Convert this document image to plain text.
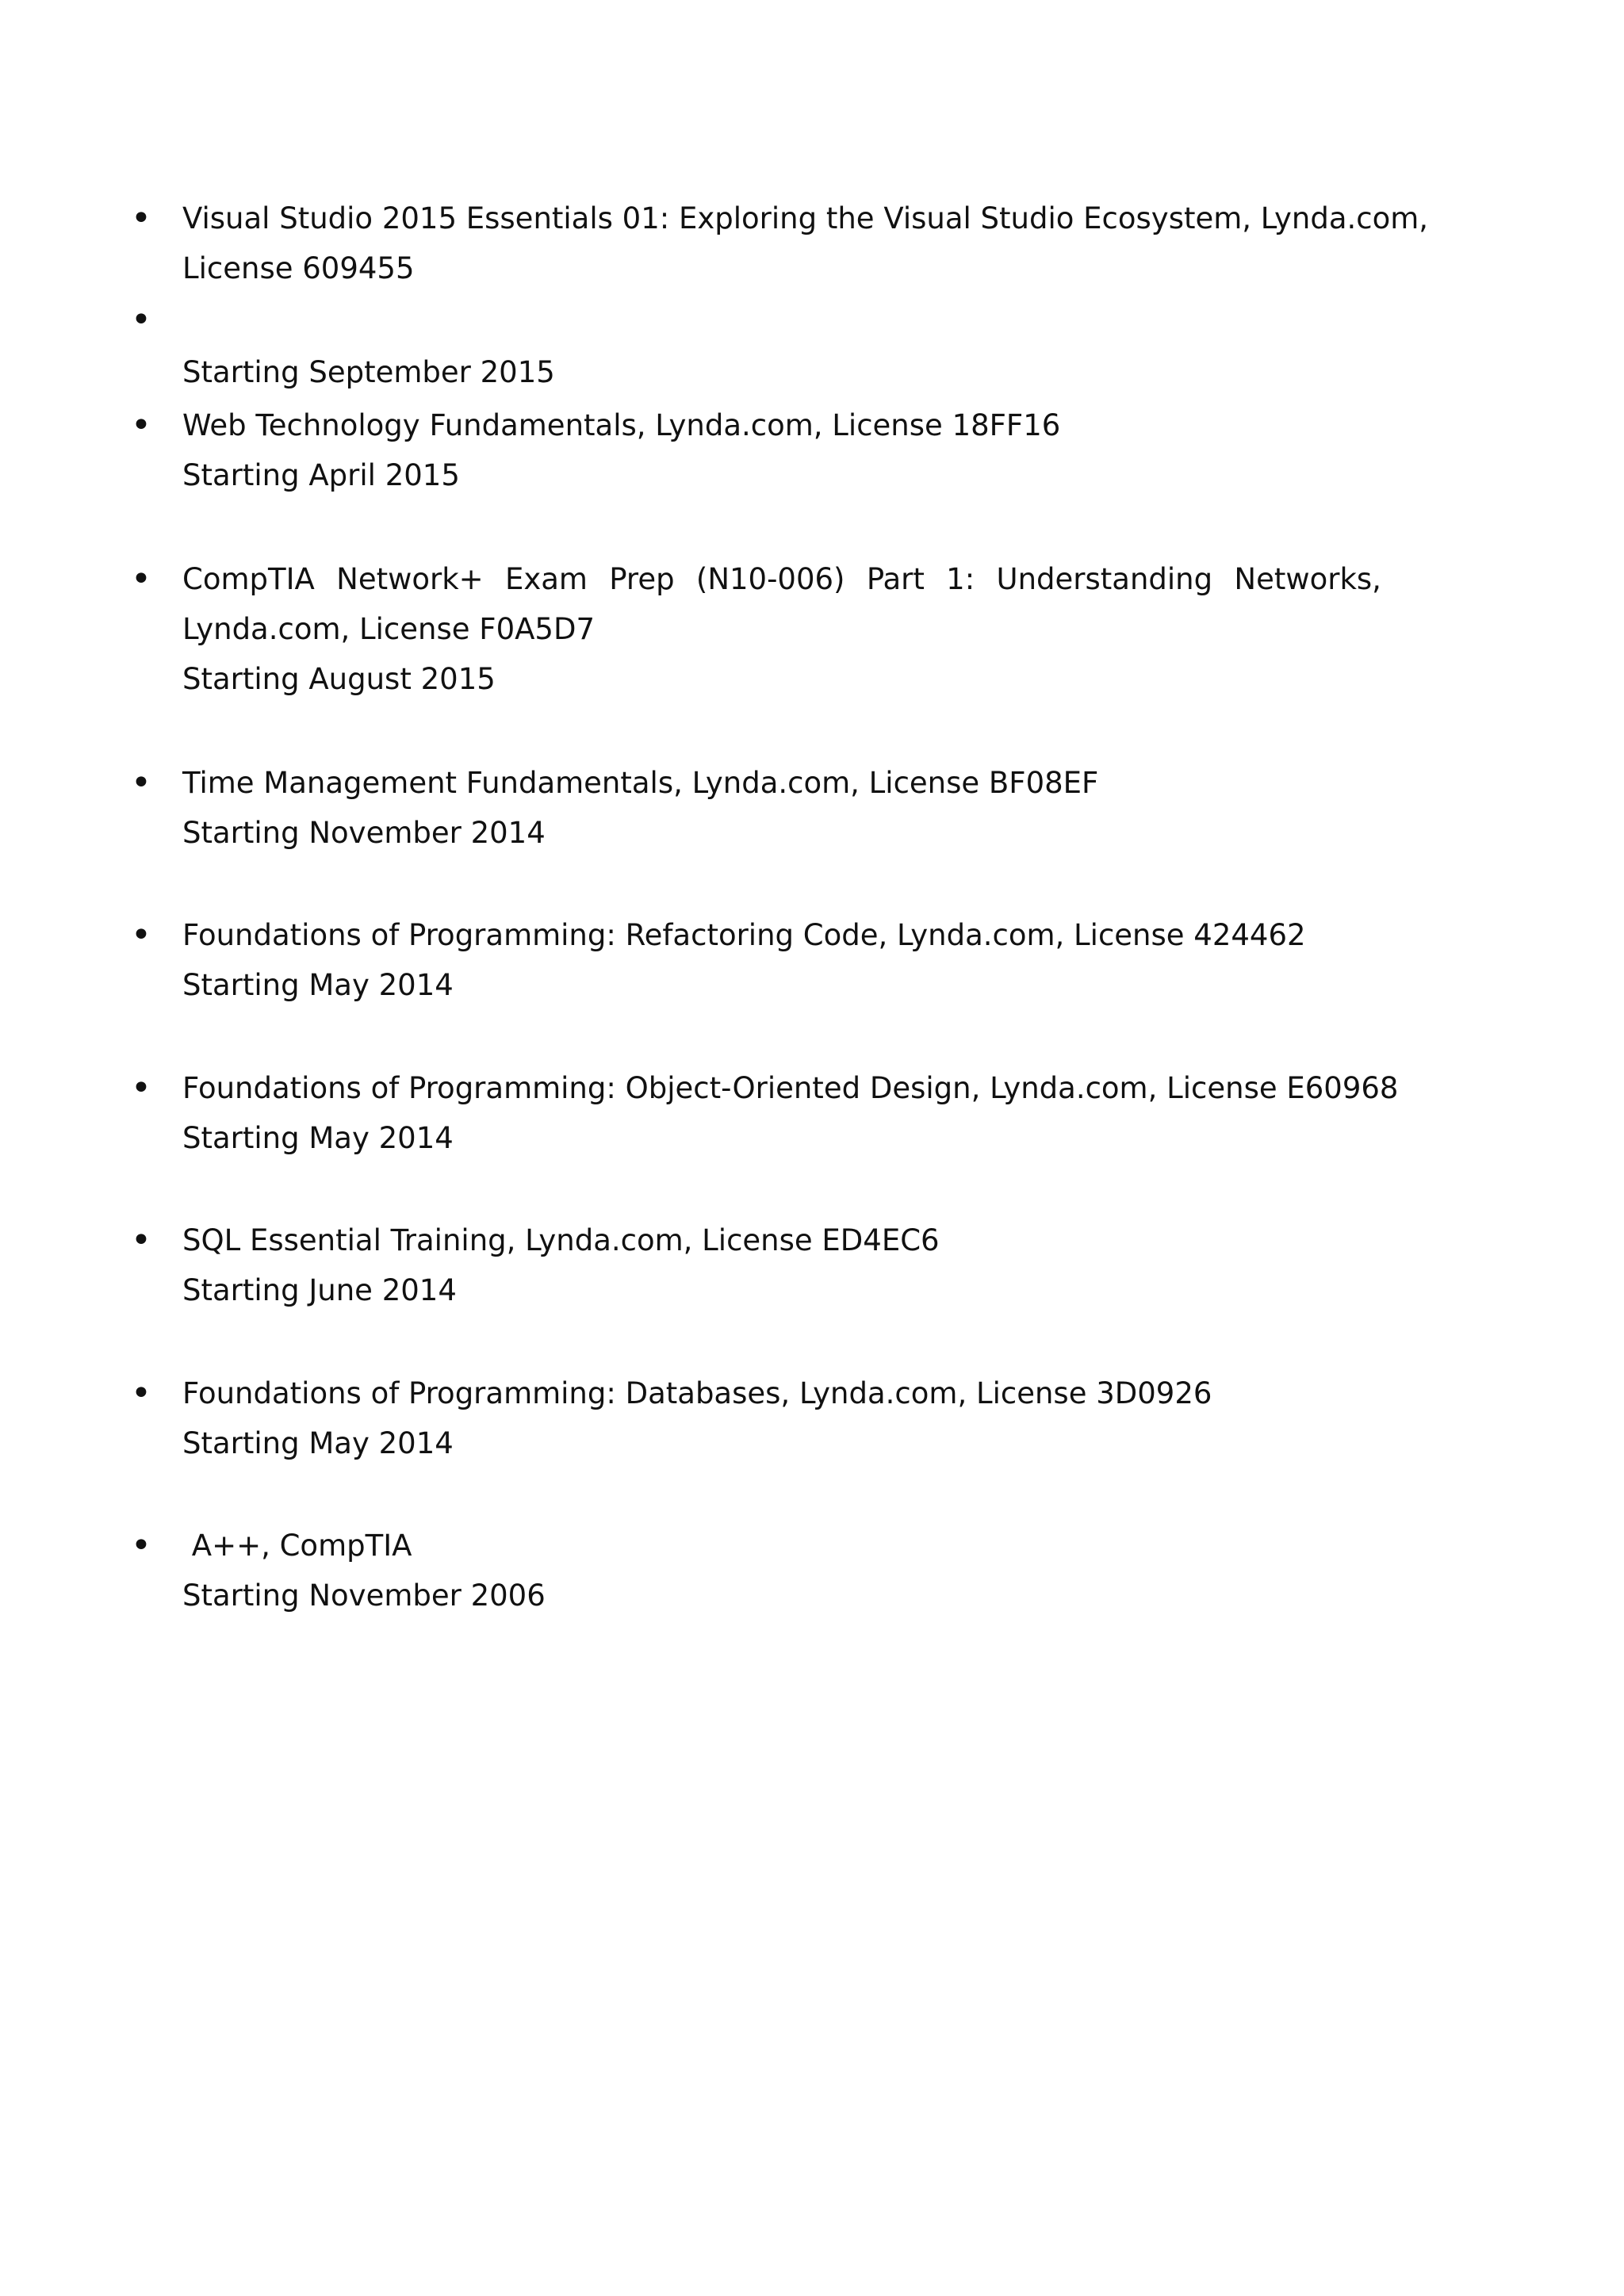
• Visual Studio 2015 Essentials 01: Exploring the Visual Studio Ecosystem, Lynda.com,
License 609455
•
Starting September 2015
• Web Technology Fundamentals, Lynda.com, License 18FF16
Starting April 2015
• CompTIA Network+ Exam Prep (N10-006) Part 1: Understanding Networks,
Lynda.com, License F0A5D7
Starting August 2015
• Time Management Fundamentals, Lynda.com, License BF08EF
Starting November 2014
• Foundations of Programming: Refactoring Code, Lynda.com, License 424462
Starting May 2014
• Foundations of Programming: Object-Oriented Design, Lynda.com, License E60968
Starting May 2014
• SQL Essential Training, Lynda.com, License ED4EC6
Starting June 2014
• Foundations of Programming: Databases, Lynda.com, License 3D0926
Starting May 2014
• A++, CompTIA
Starting November 2006
